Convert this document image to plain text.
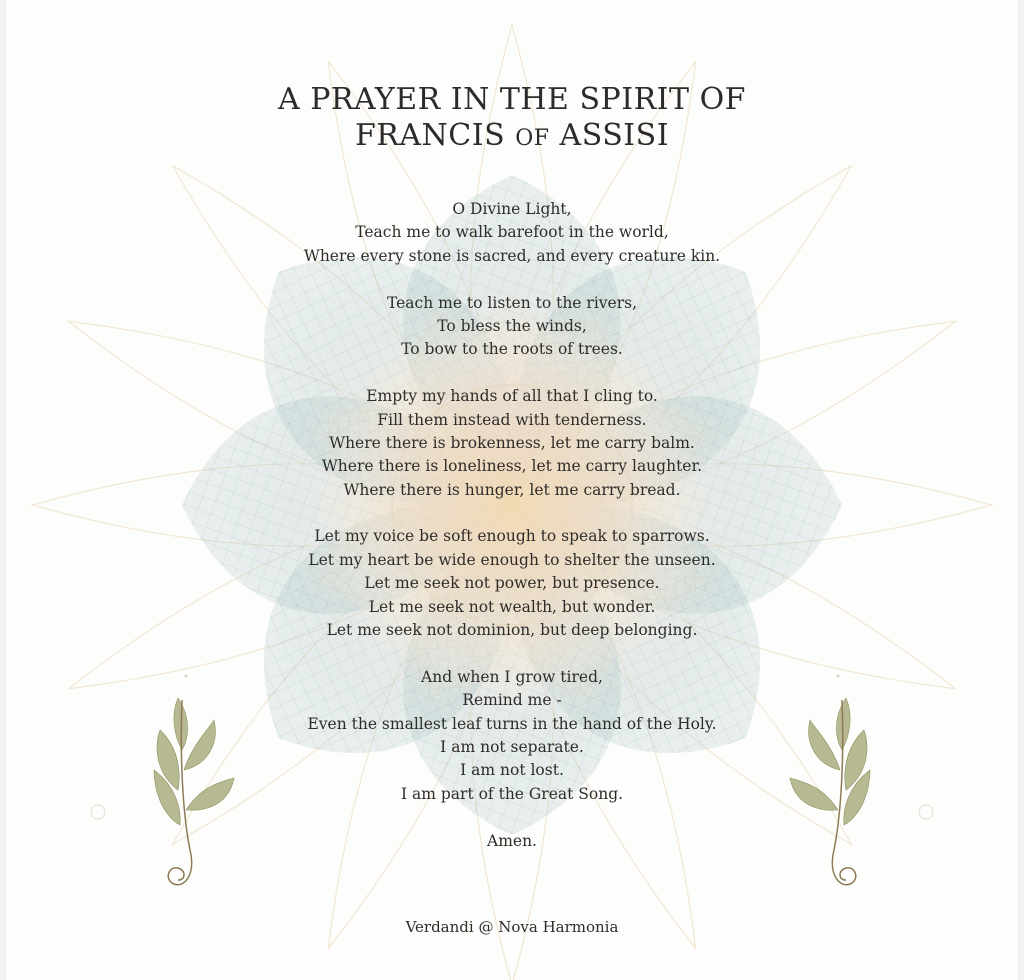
A PRAYER IN THE SPIRIT OF
FRANCIS OF ASSISI
O Divine Light,
Teach me to walk barefoot in the world,
Where every stone is sacred, and every creature kin.

Teach me to listen to the rivers,
To bless the winds,
To bow to the roots of trees.

Empty my hands of all that I cling to.
Fill them instead with tenderness.
Where there is brokenness, let me carry balm.
Where there is loneliness, let me carry laughter.
Where there is hunger, let me carry bread.

Let my voice be soft enough to speak to sparrows.
Let my heart be wide enough to shelter the unseen.
Let me seek not power, but presence.
Let me seek not wealth, but wonder.
Let me seek not dominion, but deep belonging.

And when I grow tired,
Remind me -
Even the smallest leaf turns in the hand of the Holy.
I am not separate.
I am not lost.
I am part of the Great Song.

Amen.
Verdandi @ Nova Harmonia
